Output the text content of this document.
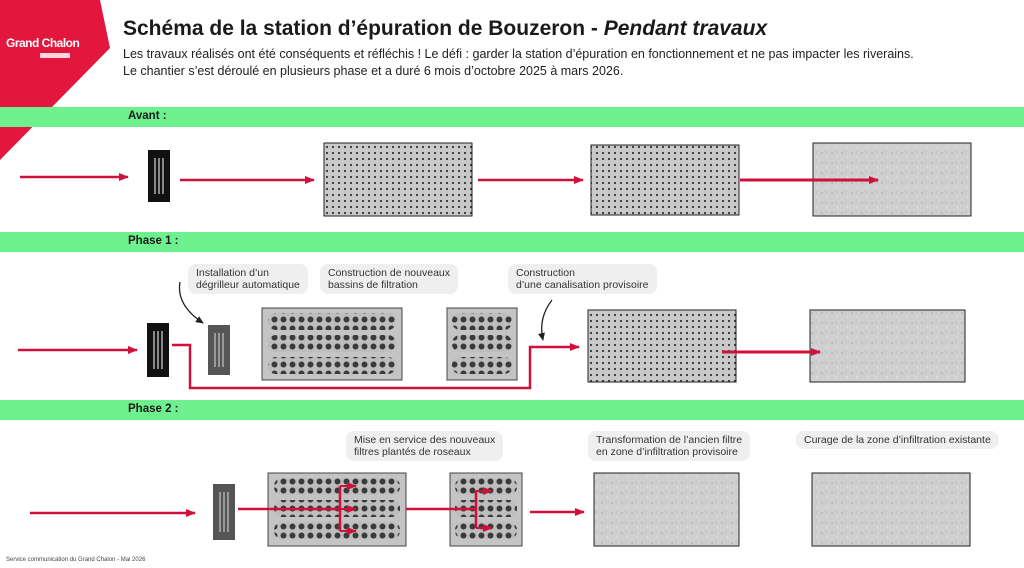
Grand Chalon
Schéma de la station d’épuration de Bouzeron - Pendant travaux
Les travaux réalisés ont été conséquents et réfléchis ! Le défi : garder la station d’épuration en fonctionnement et ne pas impacter les riverains.
Le chantier s’est déroulé en plusieurs phase et a duré 6 mois d’octobre 2025 à mars 2026.
Avant :
Phase 1 :
Phase 2 :
Installation d’un
dégrilleur automatique
Construction de nouveaux
bassins de filtration
Construction
d’une canalisation provisoire
Mise en service des nouveaux
filtres plantés de roseaux
Transformation de l’ancien filtre
en zone d’infiltration provisoire
Curage de la zone d’infiltration existante
Service communication du Grand Chalon - Mai 2026
